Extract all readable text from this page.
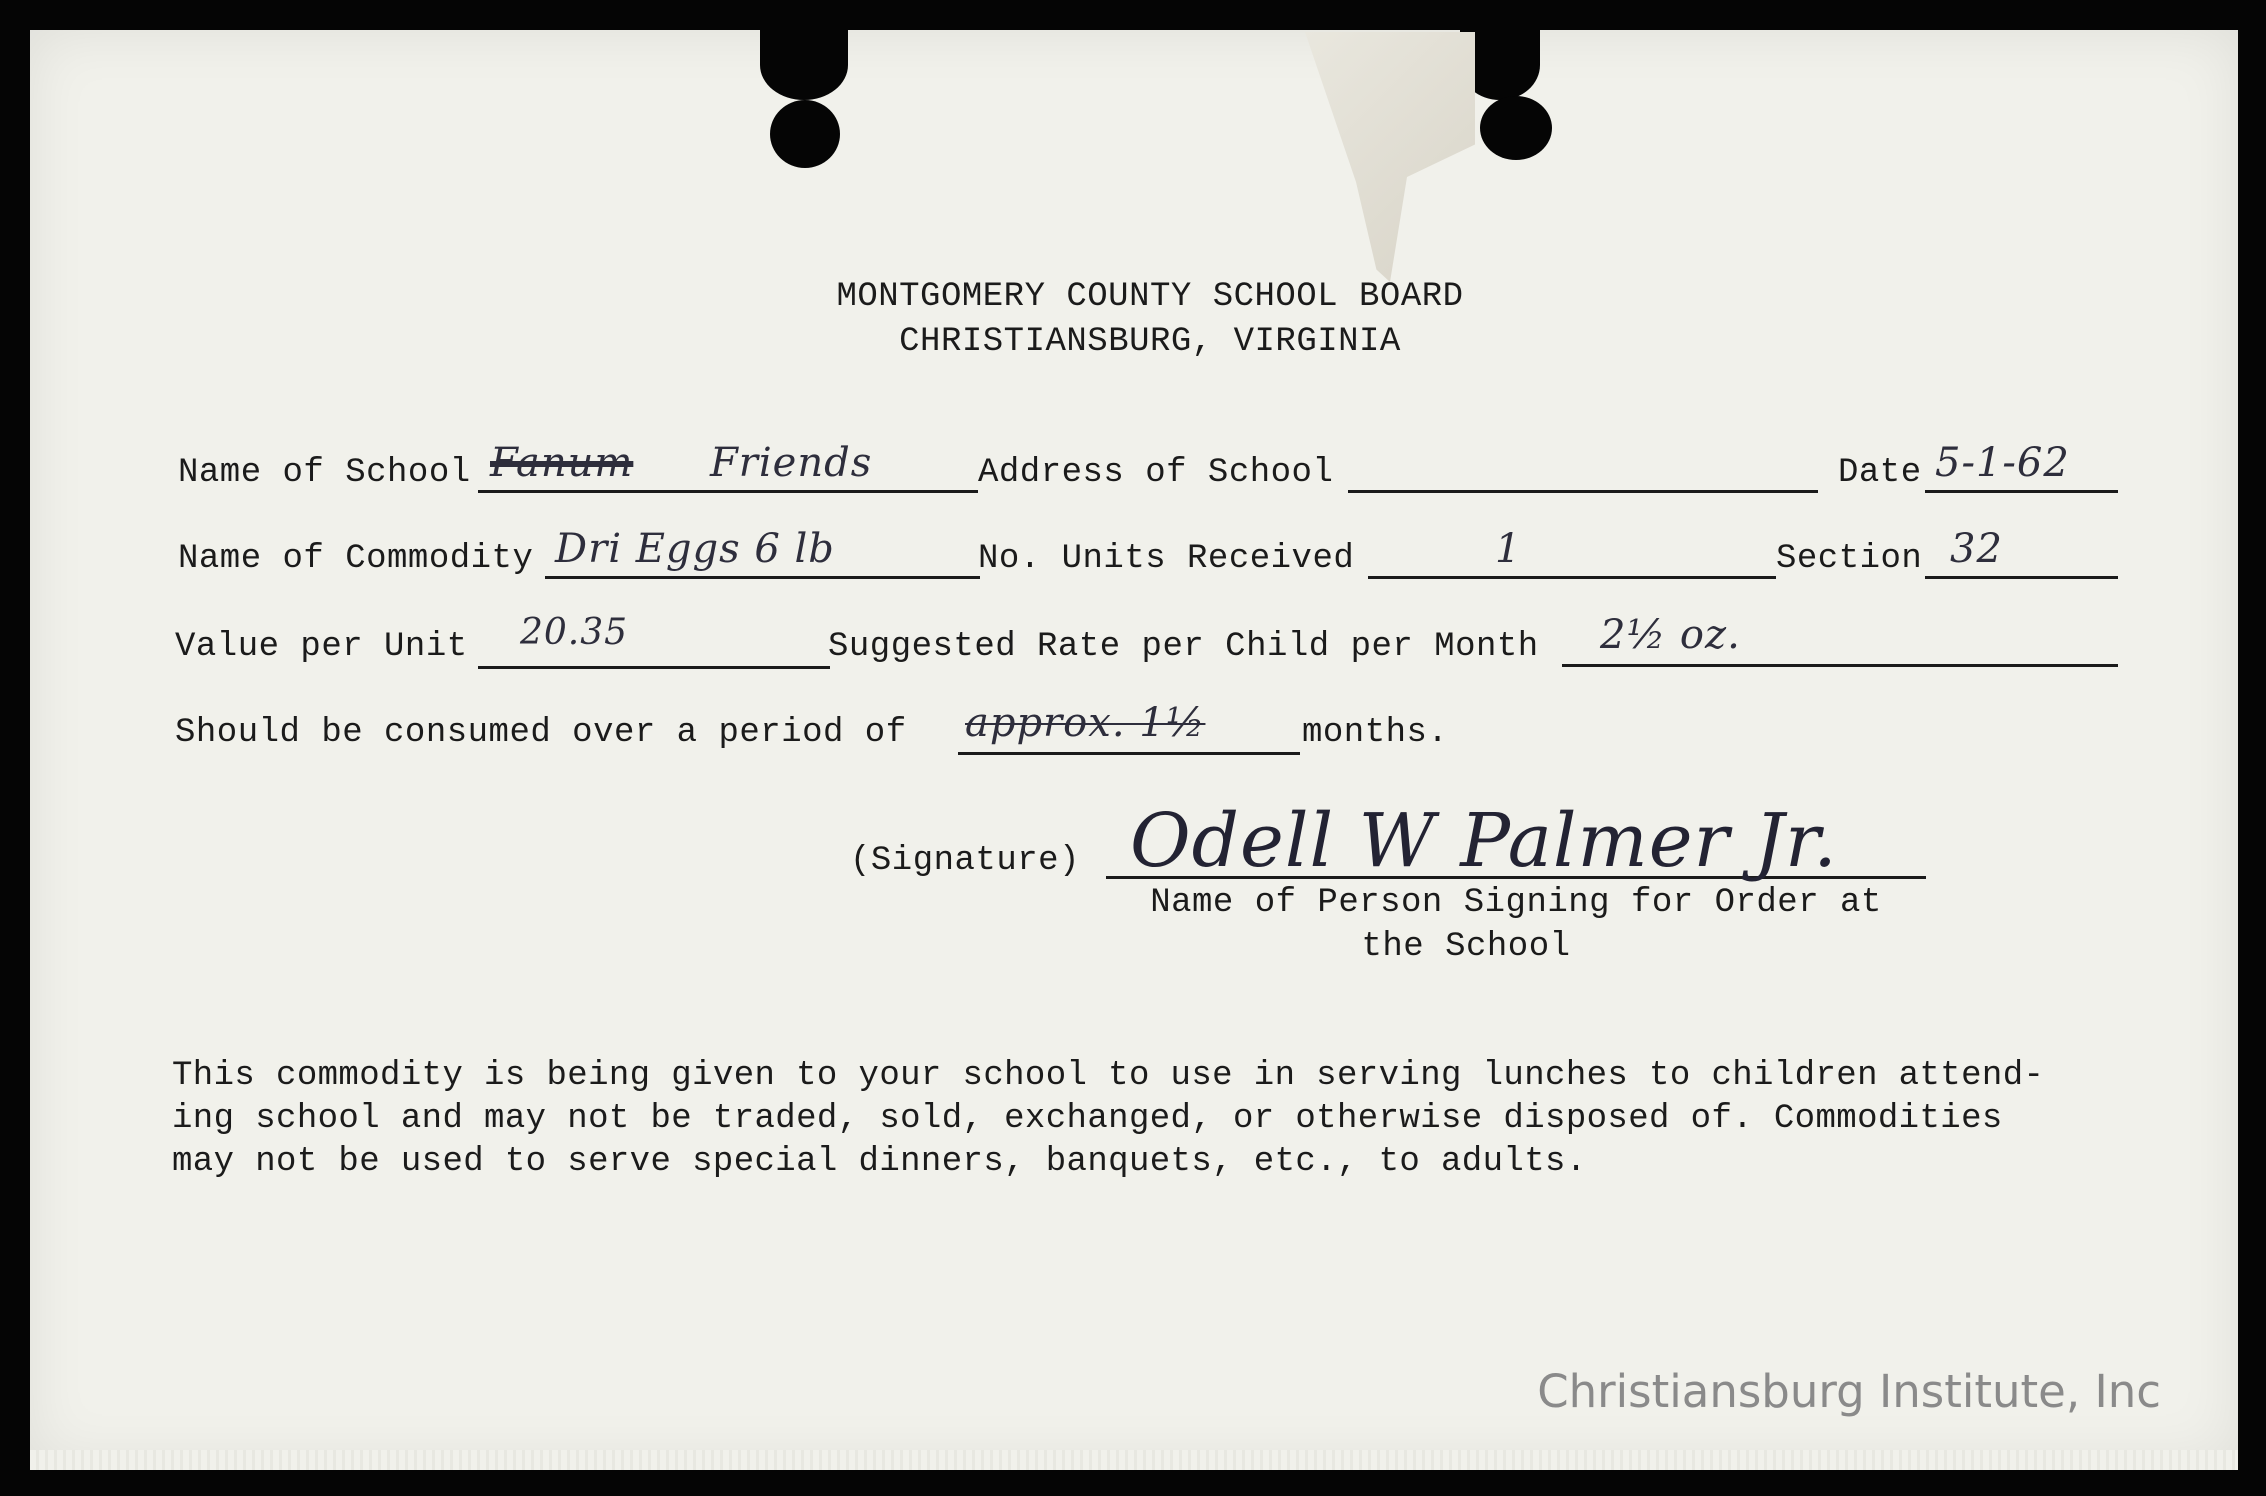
MONTGOMERY COUNTY SCHOOL BOARD
CHRISTIANSBURG, VIRGINIA
Name of School Fanum Friends	Address of School	Date 5-1-62
Name of Commodity Dri Eggs 6 lb	No. Units Received	1	Section 32
Value per Unit 20.35	Suggested Rate per Child per Month 2½ oz.
Should be consumed over a period of approx. 1½	months.
(Signature) Odell W Palmer Jr.
Name of Person Signing for Order at
the School
This commodity is being given to your school to use in serving lunches to children attend-
ing school and may not be traded, sold, exchanged, or otherwise disposed of. Commodities
may not be used to serve special dinners, banquets, etc., to adults.
Christiansburg Institute, Inc
